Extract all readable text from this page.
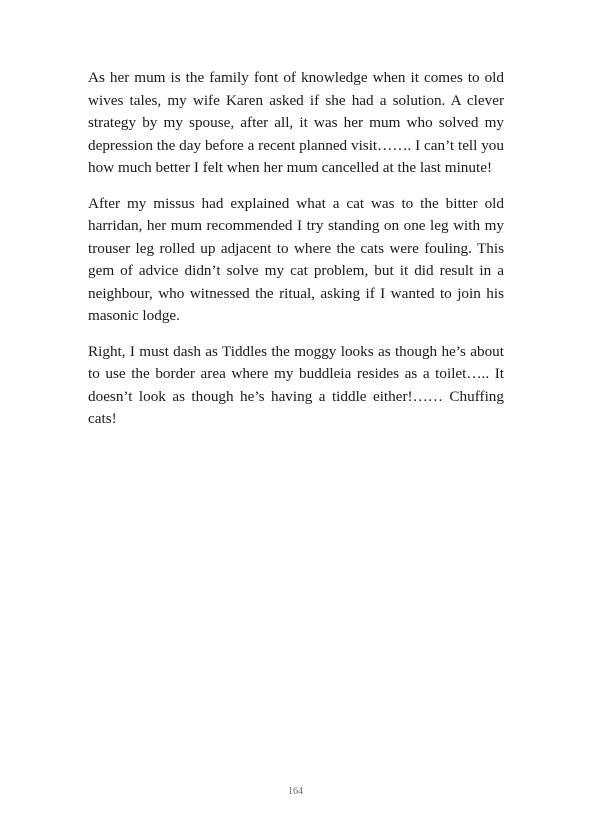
As her mum is the family font of knowledge when it comes to old wives tales, my wife Karen asked if she had a solution. A clever strategy by my spouse, after all, it was her mum who solved my depression the day before a recent planned visit……. I can’t tell you how much better I felt when her mum cancelled at the last minute!

After my missus had explained what a cat was to the bitter old harridan, her mum recommended I try standing on one leg with my trouser leg rolled up adjacent to where the cats were fouling. This gem of advice didn’t solve my cat problem, but it did result in a neighbour, who witnessed the ritual, asking if I wanted to join his masonic lodge.

Right, I must dash as Tiddles the moggy looks as though he’s about to use the border area where my buddleia resides as a toilet….. It doesn’t look as though he’s having a tiddle either!…… Chuffing cats!

164
